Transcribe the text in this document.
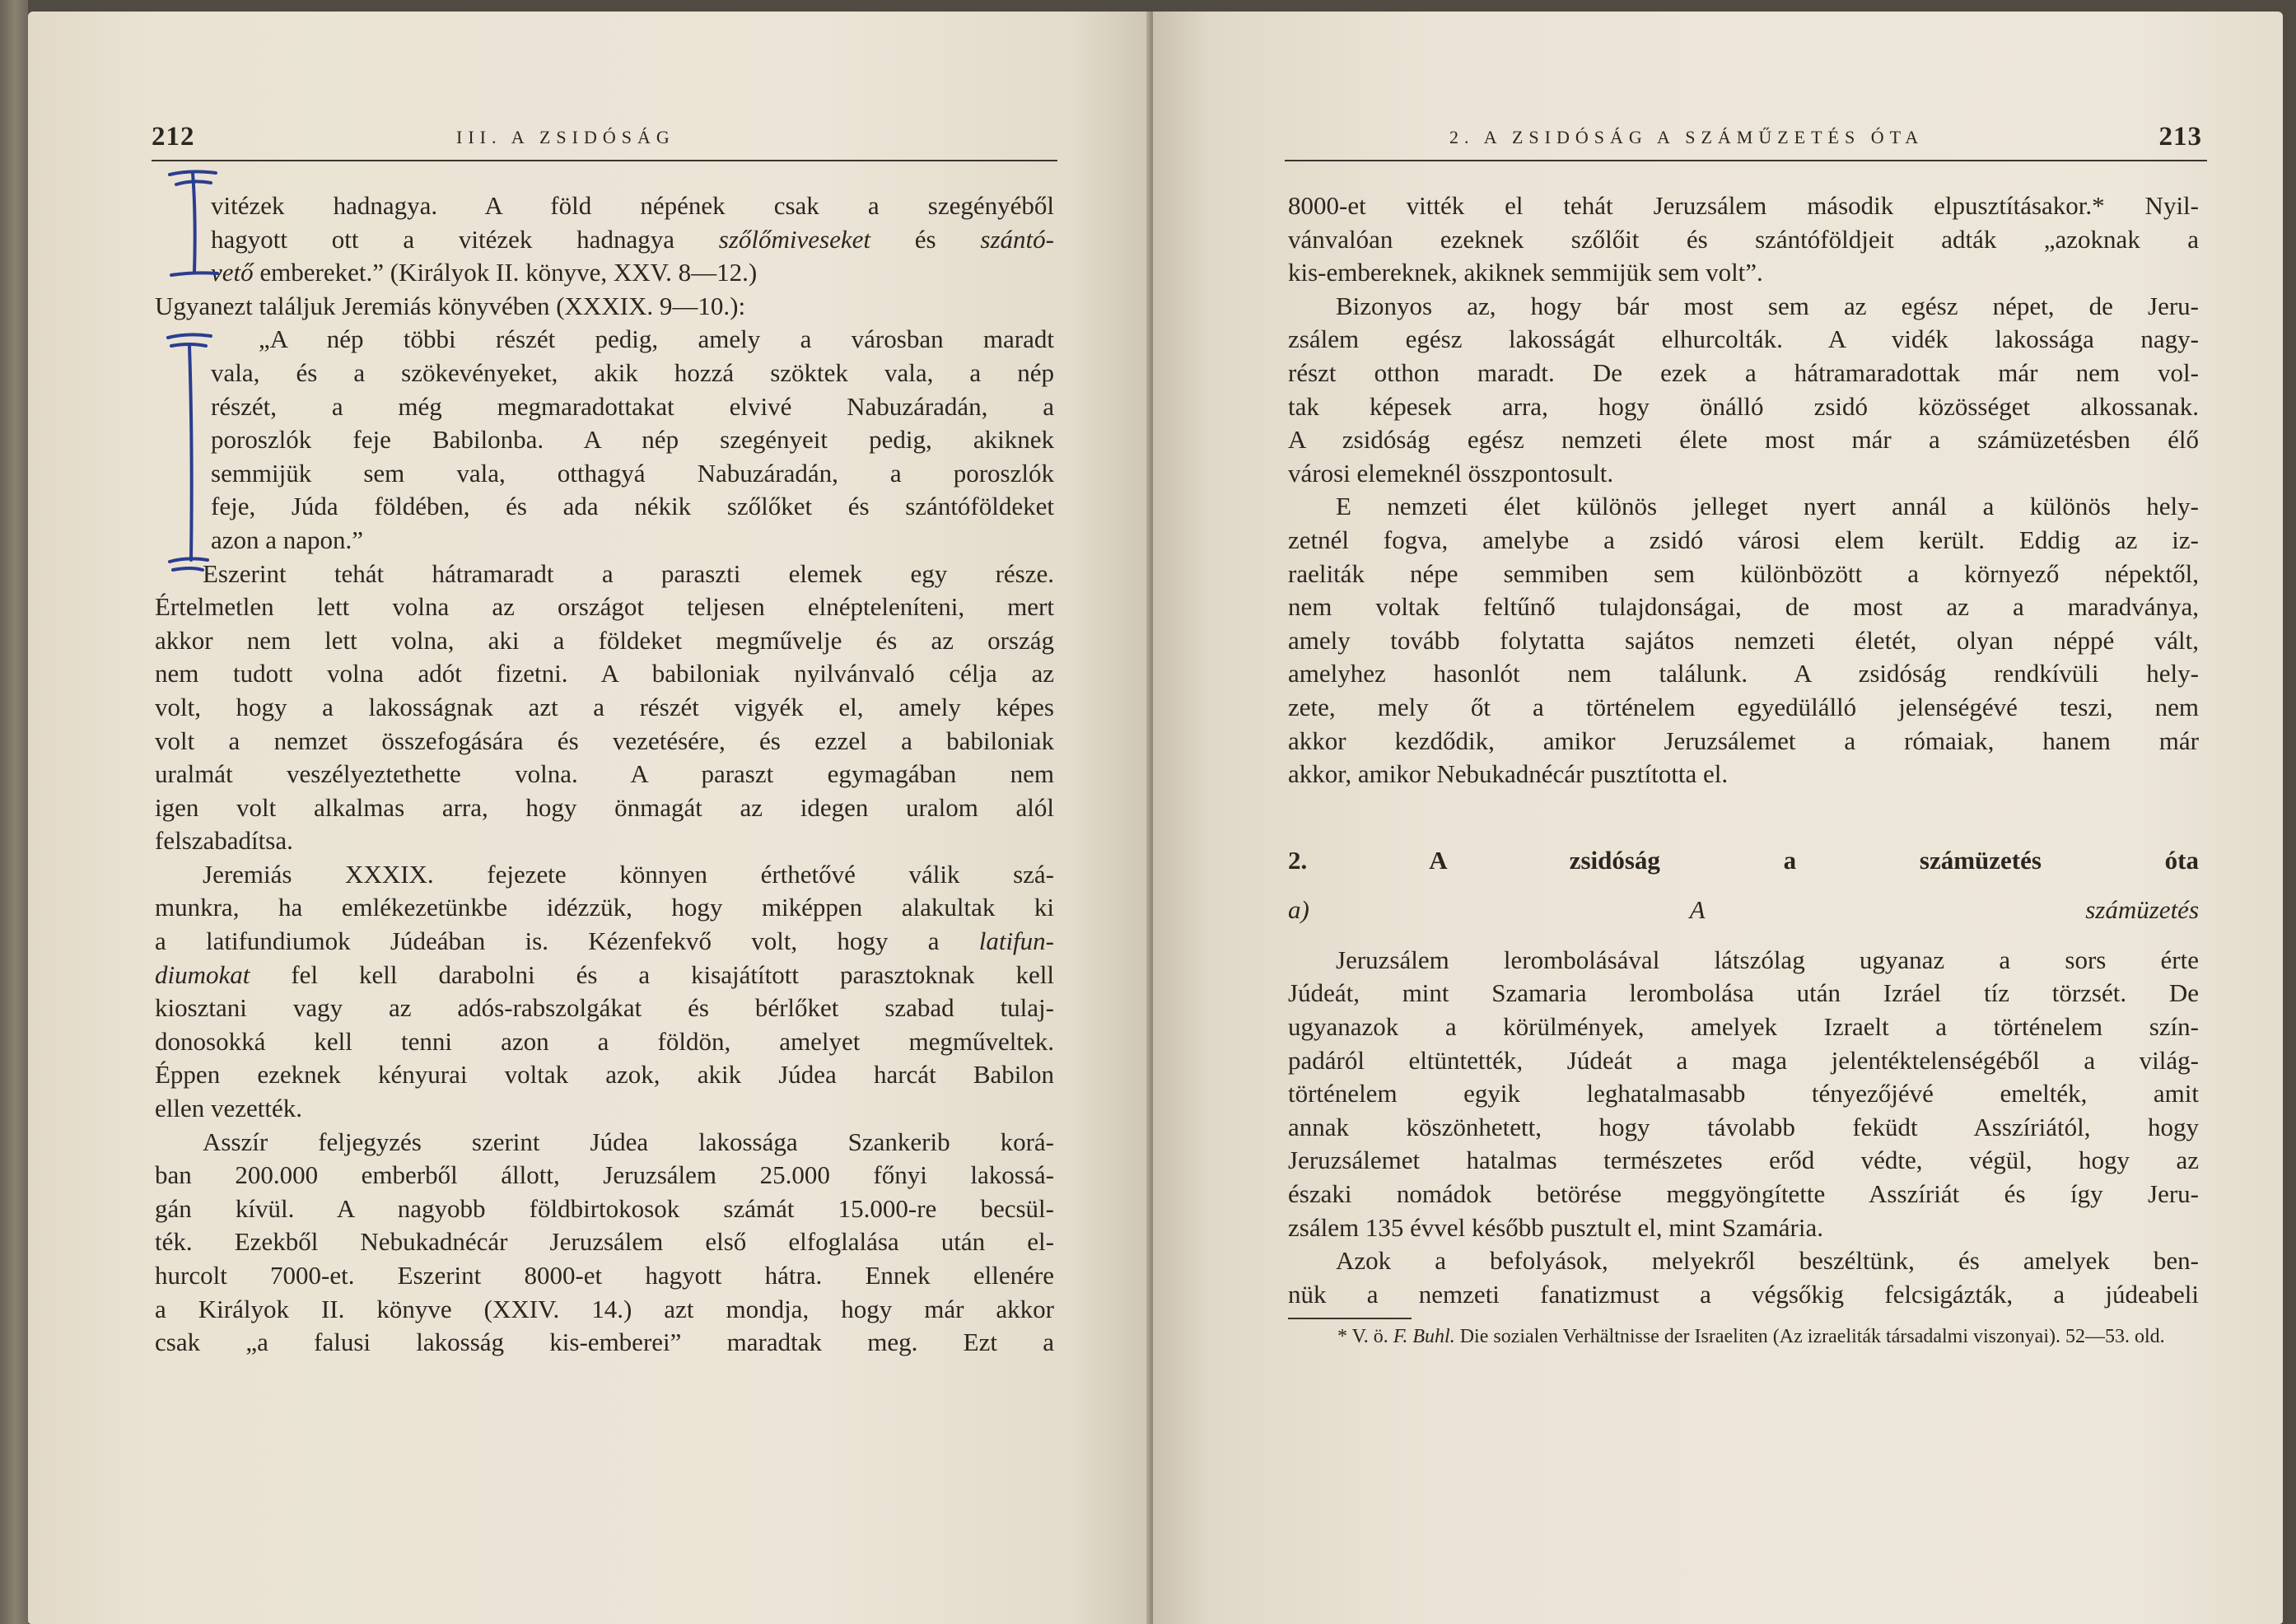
212	III. A ZSIDÓSÁG

vitézek hadnagya. A föld népének csak a szegényéből

hagyott ott a vitézek hadnagya szőlőmiveseket és szántó-

vető embereket.” (Királyok II. könyve, XXV. 8—12.)

Ugyanezt találjuk Jeremiás könyvében (XXXIX. 9—10.):

„A nép többi részét pedig, amely a városban maradt

vala, és a szökevényeket, akik hozzá szöktek vala, a nép

részét, a még megmaradottakat elvivé Nabuzáradán, a

poroszlók feje Babilonba. A nép szegényeit pedig, akiknek

semmijük sem vala, otthagyá Nabuzáradán, a poroszlók

feje, Júda földében, és ada nékik szőlőket és szántóföldeket

azon a napon.”

Eszerint tehát hátramaradt a paraszti elemek egy része.

Értelmetlen lett volna az országot teljesen elnépteleníteni, mert

akkor nem lett volna, aki a földeket megművelje és az ország

nem tudott volna adót fizetni. A babiloniak nyilvánvaló célja az

volt, hogy a lakosságnak azt a részét vigyék el, amely képes

volt a nemzet összefogására és vezetésére, és ezzel a babiloniak

uralmát veszélyeztethette volna. A paraszt egymagában nem

igen volt alkalmas arra, hogy önmagát az idegen uralom alól

felszabadítsa.

Jeremiás XXXIX. fejezete könnyen érthetővé válik szá-

munkra, ha emlékezetünkbe idézzük, hogy miképpen alakultak ki

a latifundiumok Júdeában is. Kézenfekvő volt, hogy a latifun-

diumokat fel kell darabolni és a kisajátított parasztoknak kell

kiosztani vagy az adós-rabszolgákat és bérlőket szabad tulaj-

donosokká kell tenni azon a földön, amelyet megműveltek.

Éppen ezeknek kényurai voltak azok, akik Júdea harcát Babilon

ellen vezették.

Asszír feljegyzés szerint Júdea lakossága Szankerib korá-

ban 200.000 emberből állott, Jeruzsálem 25.000 főnyi lakossá-

gán kívül. A nagyobb földbirtokosok számát 15.000-re becsül-

ték. Ezekből Nebukadnécár Jeruzsálem első elfoglalása után el-

hurcolt 7000-et. Eszerint 8000-et hagyott hátra. Ennek ellenére

a Királyok II. könyve (XXIV. 14.) azt mondja, hogy már akkor

csak „a falusi lakosság kis-emberei” maradtak meg. Ezt a

2. A ZSIDÓSÁG A SZÁMŰZETÉS ÓTA	213

8000-et vitték el tehát Jeruzsálem második elpusztításakor.* Nyil-

vánvalóan ezeknek szőlőit és szántóföldjeit adták „azoknak a

kis-embereknek, akiknek semmijük sem volt”.

Bizonyos az, hogy bár most sem az egész népet, de Jeru-

zsálem egész lakosságát elhurcolták. A vidék lakossága nagy-

részt otthon maradt. De ezek a hátramaradottak már nem vol-

tak képesek arra, hogy önálló zsidó közösséget alkossanak.

A zsidóság egész nemzeti élete most már a számüzetésben élő

városi elemeknél összpontosult.

E nemzeti élet különös jelleget nyert annál a különös hely-

zetnél fogva, amelybe a zsidó városi elem került. Eddig az iz-

raeliták népe semmiben sem különbözött a környező népektől,

nem voltak feltűnő tulajdonságai, de most az a maradványa,

amely tovább folytatta sajátos nemzeti életét, olyan néppé vált,

amelyhez hasonlót nem találunk. A zsidóság rendkívüli hely-

zete, mely őt a történelem egyedülálló jelenségévé teszi, nem

akkor kezdődik, amikor Jeruzsálemet a rómaiak, hanem már

akkor, amikor Nebukadnécár pusztította el.

2. A zsidóság a számüzetés óta

a) A számüzetés

Jeruzsálem lerombolásával látszólag ugyanaz a sors érte

Júdeát, mint Szamaria lerombolása után Izráel tíz törzsét. De

ugyanazok a körülmények, amelyek Izraelt a történelem szín-

padáról eltüntették, Júdeát a maga jelentéktelenségéből a világ-

történelem egyik leghatalmasabb tényezőjévé emelték, amit

annak köszönhetett, hogy távolabb feküdt Asszíriától, hogy

Jeruzsálemet hatalmas természetes erőd védte, végül, hogy az

északi nomádok betörése meggyöngítette Asszíriát és így Jeru-

zsálem 135 évvel később pusztult el, mint Szamária.

Azok a befolyások, melyekről beszéltünk, és amelyek ben-

nük a nemzeti fanatizmust a végsőkig felcsigázták, a júdeabeli

* V. ö. F. Buhl. Die sozialen Verhältnisse der Israeliten (Az izraeliták társadalmi viszonyai). 52—53. old.
